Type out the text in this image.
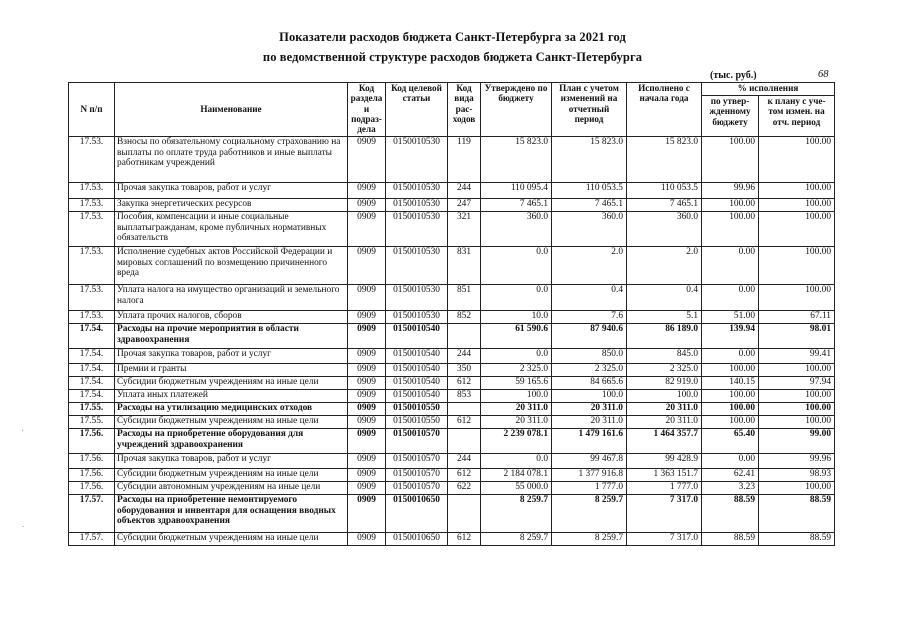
Показатели расходов бюджета Санкт-Петербурга за 2021 год
по ведомственной структуре расходов бюджета Санкт-Петербурга
(тыс. руб.)	68
N п/п	Наименование	Код раздела и подраз-дела	Код целевой статьи	Код вида рас-ходов	Утверждено по бюджету	План с учетом изменений на отчетный период	Исполнено с начала года	% исполнения	
								по утвер-жденному бюджету	к плану с уче-том измен. на отч. период
17.53.	Взносы по обязательному социальному страхованию на выплаты по оплате труда работников и иные выплаты работникам учреждений	0909	0150010530	119	15 823.0	15 823.0	15 823.0	100.00	100.00
17.53.	Прочая закупка товаров, работ и услуг	0909	0150010530	244	110 095.4	110 053.5	110 053.5	99.96	100.00
17.53.	Закупка энергетических ресурсов	0909	0150010530	247	7 465.1	7 465.1	7 465.1	100.00	100.00
17.53.	Пособия, компенсации и иные социальные выплатыгражданам, кроме публичных нормативных обязательств	0909	0150010530	321	360.0	360.0	360.0	100.00	100.00
17.53.	Исполнение судебных актов Российской Федерации и мировых соглашений по возмещению причиненного вреда	0909	0150010530	831	0.0	2.0	2.0	0.00	100.00
17.53.	Уплата налога на имущество организаций и земельного налога	0909	0150010530	851	0.0	0.4	0.4	0.00	100.00
17.53.	Уплата прочих налогов, сборов	0909	0150010530	852	10.0	7.6	5.1	51.00	67.11
17.54.	Расходы на прочие мероприятия в области здравоохранения	0909	0150010540		61 590.6	87 940.6	86 189.0	139.94	98.01
17.54.	Прочая закупка товаров, работ и услуг	0909	0150010540	244	0.0	850.0	845.0	0.00	99.41
17.54.	Премии и гранты	0909	0150010540	350	2 325.0	2 325.0	2 325.0	100.00	100.00
17.54.	Субсидии бюджетным учреждениям на иные цели	0909	0150010540	612	59 165.6	84 665.6	82 919.0	140.15	97.94
17.54.	Уплата иных платежей	0909	0150010540	853	100.0	100.0	100.0	100.00	100.00
17.55.	Расходы на утилизацию медицинских отходов	0909	0150010550		20 311.0	20 311.0	20 311.0	100.00	100.00
17.55.	Субсидии бюджетным учреждениям на иные цели	0909	0150010550	612	20 311.0	20 311.0	20 311.0	100.00	100.00
17.56.	Расходы на приобретение оборудования для учреждений здравоохранения	0909	0150010570		2 239 078.1	1 479 161.6	1 464 357.7	65.40	99.00
17.56.	Прочая закупка товаров, работ и услуг	0909	0150010570	244	0.0	99 467.8	99 428.9	0.00	99.96
17.56.	Субсидии бюджетным учреждениям на иные цели	0909	0150010570	612	2 184 078.1	1 377 916.8	1 363 151.7	62.41	98.93
17.56.	Субсидии автономным учреждениям на иные цели	0909	0150010570	622	55 000.0	1 777.0	1 777.0	3.23	100.00
17.57.	Расходы на приобретение немонтируемого оборудования и инвентаря для оснащения вводных объектов здравоохранения	0909	0150010650		8 259.7	8 259.7	7 317.0	88.59	88.59
17.57.	Субсидии бюджетным учреждениям на иные цели	0909	0150010650	612	8 259.7	8 259.7	7 317.0	88.59	88.59
'
.
